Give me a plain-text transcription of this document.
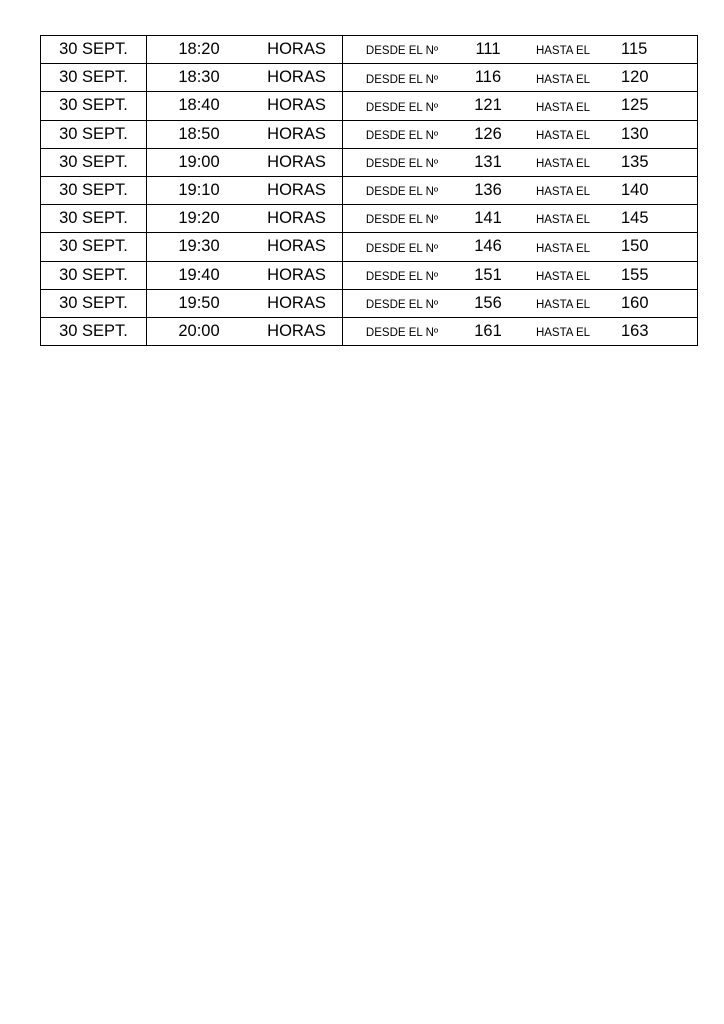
30 SEPT.	18:20	HORAS	DESDE EL Nº	111	HASTA EL	115
30 SEPT.	18:30	HORAS	DESDE EL Nº	116	HASTA EL	120
30 SEPT.	18:40	HORAS	DESDE EL Nº	121	HASTA EL	125
30 SEPT.	18:50	HORAS	DESDE EL Nº	126	HASTA EL	130
30 SEPT.	19:00	HORAS	DESDE EL Nº	131	HASTA EL	135
30 SEPT.	19:10	HORAS	DESDE EL Nº	136	HASTA EL	140
30 SEPT.	19:20	HORAS	DESDE EL Nº	141	HASTA EL	145
30 SEPT.	19:30	HORAS	DESDE EL Nº	146	HASTA EL	150
30 SEPT.	19:40	HORAS	DESDE EL Nº	151	HASTA EL	155
30 SEPT.	19:50	HORAS	DESDE EL Nº	156	HASTA EL	160
30 SEPT.	20:00	HORAS	DESDE EL Nº	161	HASTA EL	163
